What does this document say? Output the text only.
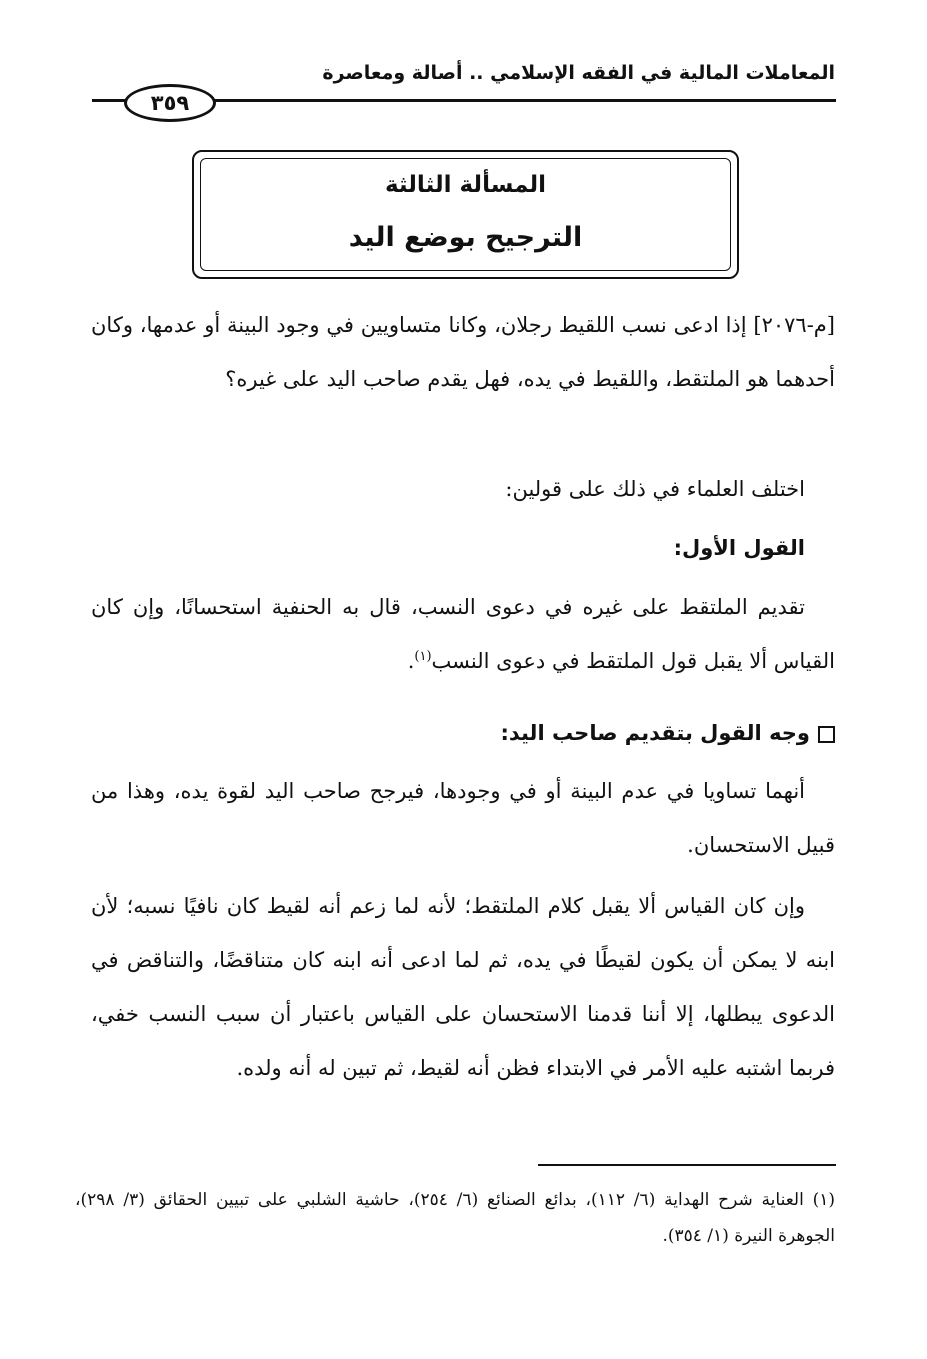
المعاملات المالية في الفقه الإسلامي .. أصالة ومعاصرة
٣٥٩
المسألة الثالثة
الترجيح بوضع اليد
[م-٢٠٧٦] إذا ادعى نسب اللقيط رجلان، وكانا متساويين في وجود البينة أو عدمها، وكان أحدهما هو الملتقط، واللقيط في يده، فهل يقدم صاحب اليد على غيره؟
اختلف العلماء في ذلك على قولين:
القول الأول:
تقديم الملتقط على غيره في دعوى النسب، قال به الحنفية استحسانًا، وإن كان القياس ألا يقبل قول الملتقط في دعوى النسب$^{(١)}$.
وجه القول بتقديم صاحب اليد:
أنهما تساويا في عدم البينة أو في وجودها، فيرجح صاحب اليد لقوة يده، وهذا من قبيل الاستحسان.
وإن كان القياس ألا يقبل كلام الملتقط؛ لأنه لما زعم أنه لقيط كان نافيًا نسبه؛ لأن ابنه لا يمكن أن يكون لقيطًا في يده، ثم لما ادعى أنه ابنه كان متناقضًا، والتناقض في الدعوى يبطلها، إلا أننا قدمنا الاستحسان على القياس باعتبار أن سبب النسب خفي، فربما اشتبه عليه الأمر في الابتداء فظن أنه لقيط، ثم تبين له أنه ولده.
(١) العناية شرح الهداية (٦/ ١١٢)، بدائع الصنائع (٦/ ٢٥٤)، حاشية الشلبي على تبيين الحقائق (٣/ ٢٩٨)، الجوهرة النيرة (١/ ٣٥٤).
